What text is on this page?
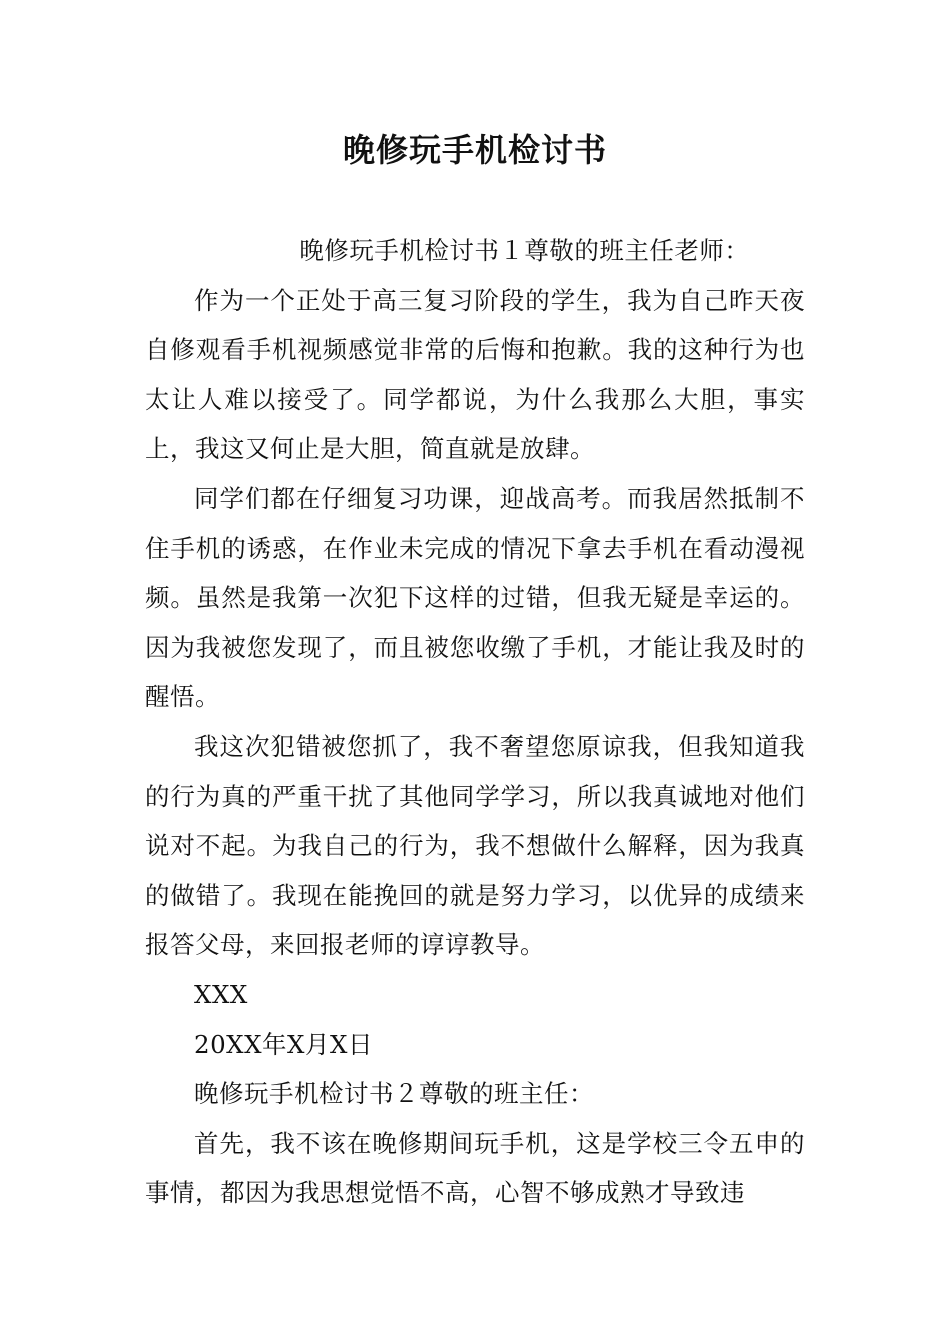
晚修玩手机检讨书

晚修玩手机检讨书１尊敬的班主任老师：

作为一个正处于高三复习阶段的学生，我为自己昨天夜自修观看手机视频感觉非常的后悔和抱歉。我的这种行为也太让人难以接受了。同学都说，为什么我那么大胆，事实上，我这又何止是大胆，简直就是放肆。

同学们都在仔细复习功课，迎战高考。而我居然抵制不住手机的诱惑，在作业未完成的情况下拿去手机在看动漫视频。虽然是我第一次犯下这样的过错，但我无疑是幸运的。因为我被您发现了，而且被您收缴了手机，才能让我及时的醒悟。

我这次犯错被您抓了，我不奢望您原谅我，但我知道我的行为真的严重干扰了其他同学学习，所以我真诚地对他们说对不起。为我自己的行为，我不想做什么解释，因为我真的做错了。我现在能挽回的就是努力学习，以优异的成绩来报答父母，来回报老师的谆谆教导。

XXX

20XX年X月X日

晚修玩手机检讨书２尊敬的班主任：

首先，我不该在晚修期间玩手机，这是学校三令五申的事情，都因为我思想觉悟不高，心智不够成熟才导致违
